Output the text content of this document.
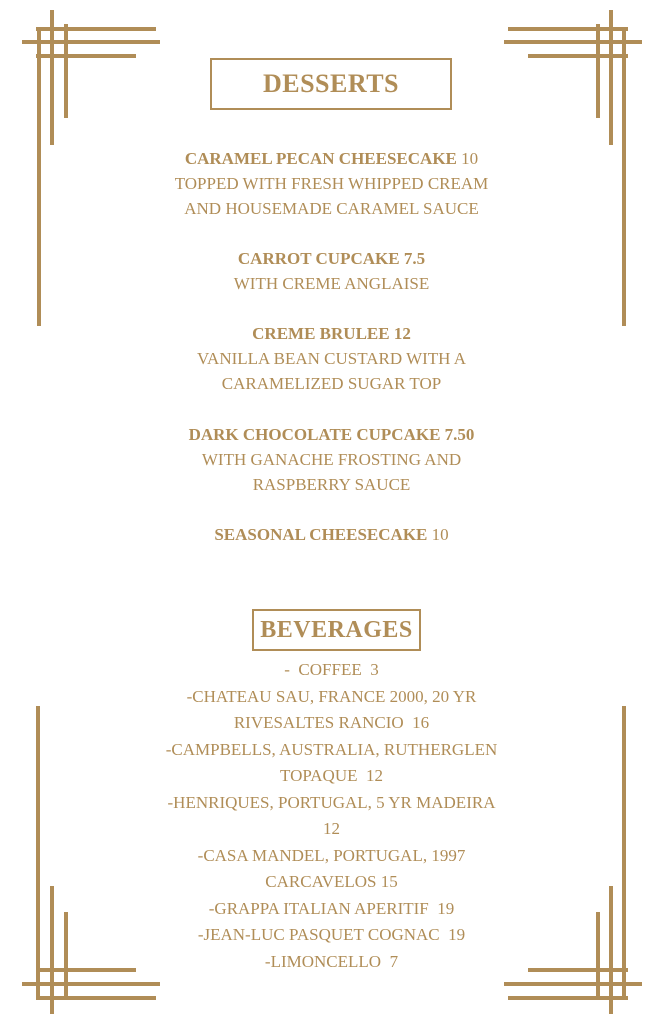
DESSERTS
CARAMEL PECAN CHEESECAKE 10
TOPPED WITH FRESH WHIPPED CREAM
AND HOUSEMADE CARAMEL SAUCE
CARROT CUPCAKE 7.5
WITH CREME ANGLAISE
CREME BRULEE 12
VANILLA BEAN CUSTARD WITH A
CARAMELIZED SUGAR TOP
DARK CHOCOLATE CUPCAKE 7.50
WITH GANACHE FROSTING AND
RASPBERRY SAUCE
SEASONAL CHEESECAKE 10
BEVERAGES
-  COFFEE  3
-CHATEAU SAU, FRANCE 2000, 20 YR
RIVESALTES RANCIO  16
-CAMPBELLS, AUSTRALIA, RUTHERGLEN
TOPAQUE  12
-HENRIQUES, PORTUGAL, 5 YR MADEIRA
12
-CASA MANDEL, PORTUGAL, 1997
CARCAVELOS 15
-GRAPPA ITALIAN APERITIF  19
-JEAN-LUC PASQUET COGNAC  19
-LIMONCELLO  7
